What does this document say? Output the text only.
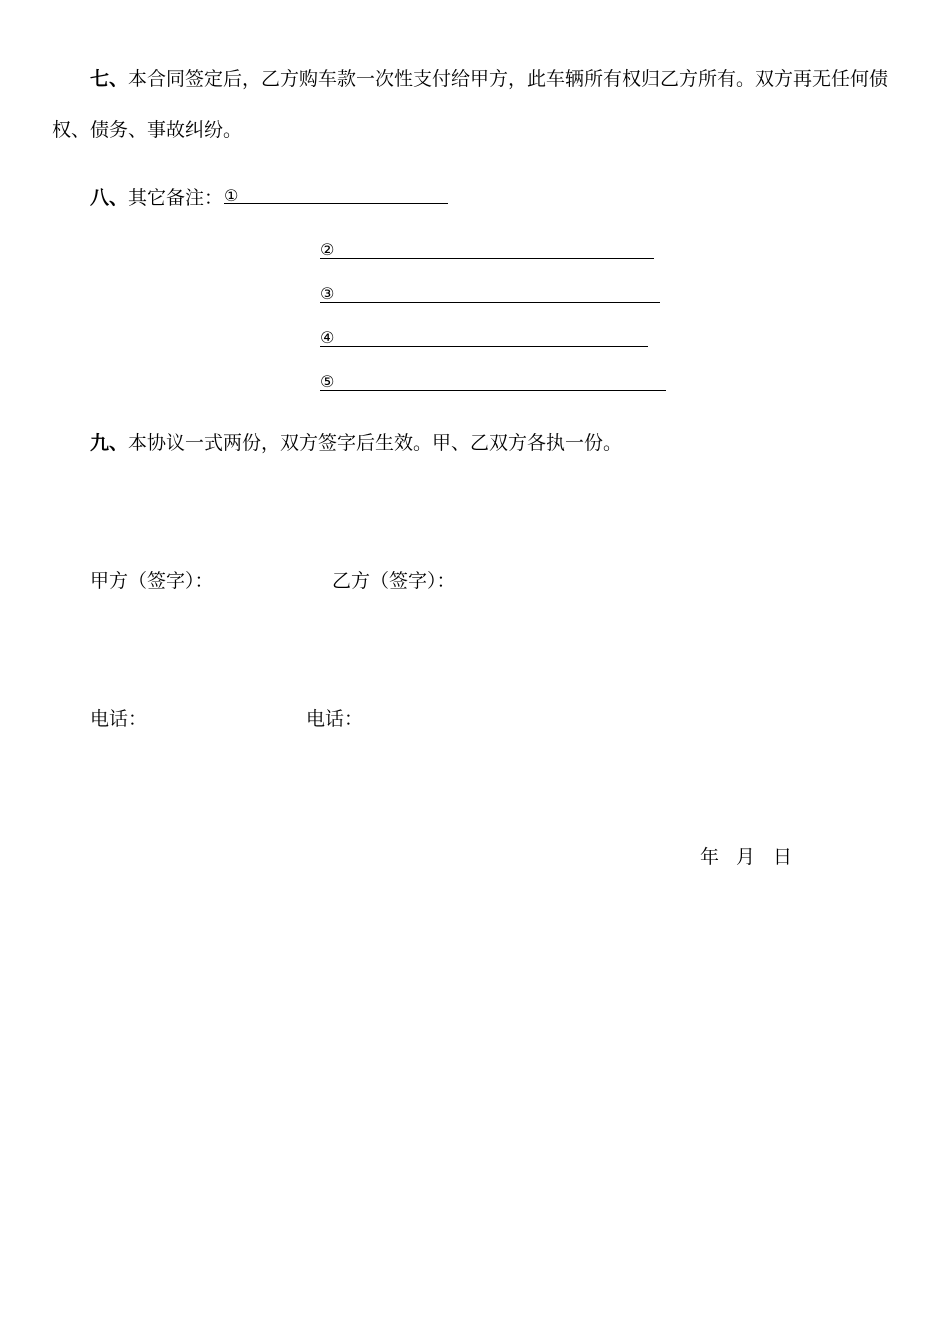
七、本合同签定后，乙方购车款一次性支付给甲方，此车辆所有权归乙方所有。双方再无任何债
权、债务、事故纠纷。
八、其它备注： ①
②
③
④
⑤
九、本协议一式两份，双方签字后生效。甲、乙双方各执一份。
甲方（签字）：	乙方（签字）：
电话：	电话：
年 月 日
